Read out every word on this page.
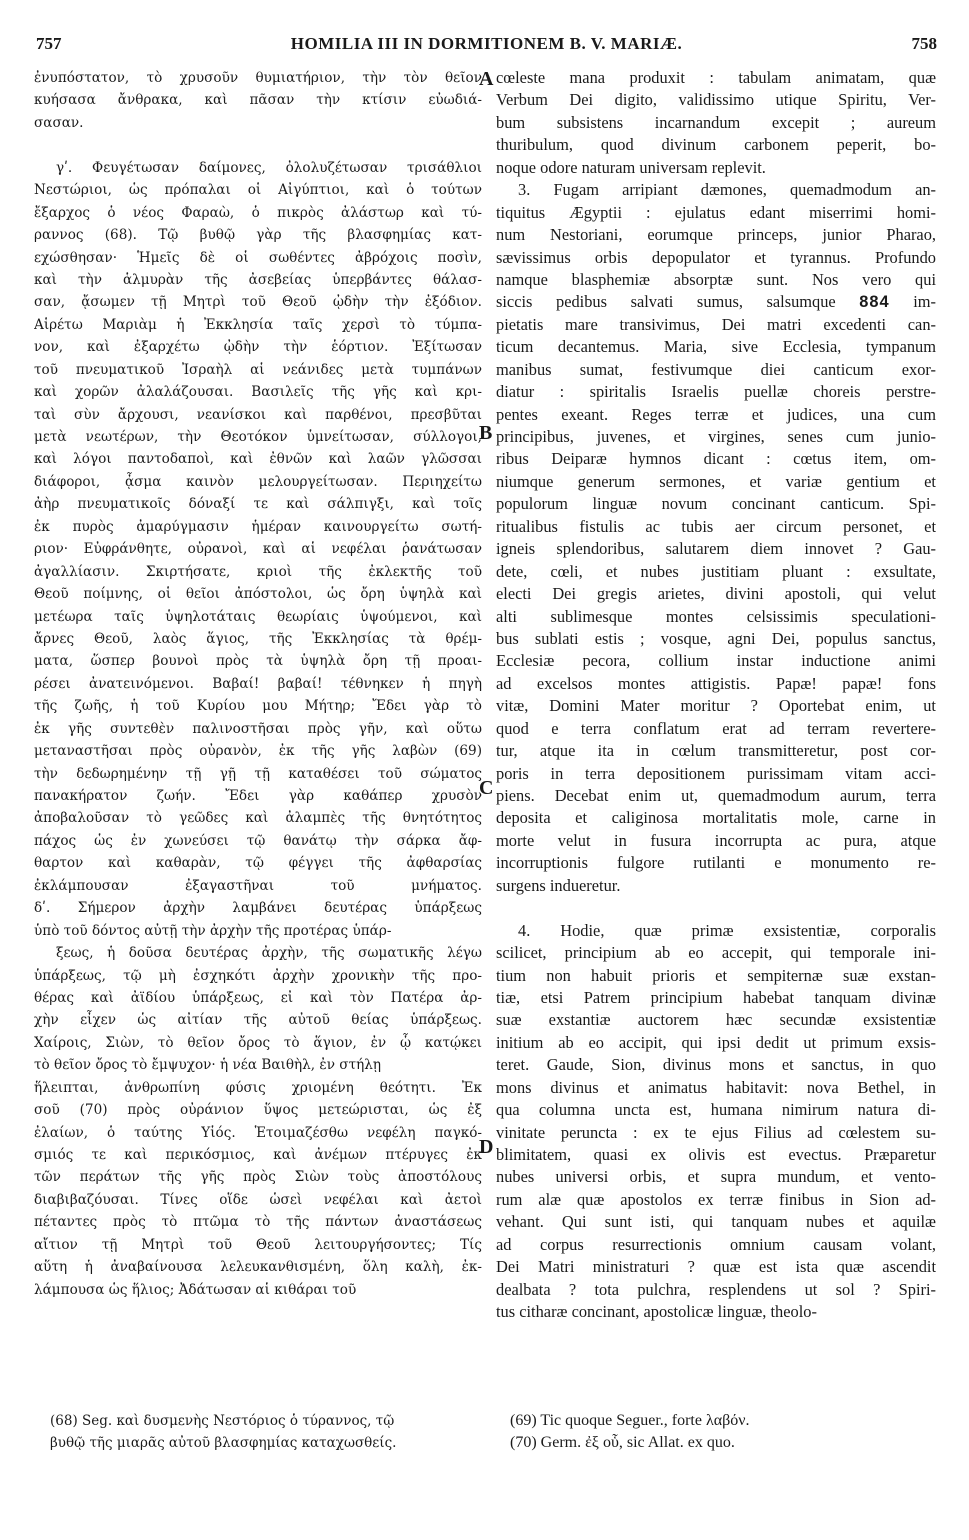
757	HOMILIA III IN DORMITIONEM B. V. MARIÆ.	758
ἐνυπόστατον, τὸ χρυσοῦν θυμιατήριον, τὴν τὸν θεῖον
κυήσασα ἄνθρακα, καὶ πᾶσαν τὴν κτίσιν εὐωδιά-
σασαν.
γʹ. Φευγέτωσαν δαίμονες, ὀλολυζέτωσαν τρισάθλιοι
Νεστώριοι, ὡς πρόπαλαι οἱ Αἰγύπτιοι, καὶ ὁ τούτων
ἔξαρχος ὁ νέος Φαραὼ, ὁ πικρὸς ἀλάστωρ καὶ τύ-
ραννος (68). Τῷ βυθῷ γὰρ τῆς βλασφημίας κατ-
εχώσθησαν· Ἡμεῖς δὲ οἱ σωθέντες ἀβρόχοις ποσὶν,
καὶ τὴν ἁλμυρὰν τῆς ἀσεβείας ὑπερβάντες θάλασ-
σαν, ᾄσωμεν τῇ Μητρὶ τοῦ Θεοῦ ᾠδὴν τὴν ἐξόδιον.
Αἱρέτω Μαριὰμ ἡ Ἐκκλησία ταῖς χερσὶ τὸ τύμπα-
νον, καὶ ἐξαρχέτω ᾠδὴν τὴν ἑόρτιον. Ἐξίτωσαν
τοῦ πνευματικοῦ Ἰσραὴλ αἱ νεάνιδες μετὰ τυμπάνων
καὶ χορῶν ἀλαλάζουσαι. Βασιλεῖς τῆς γῆς καὶ κρι-
ταὶ σὺν ἄρχουσι, νεανίσκοι καὶ παρθένοι, πρεσβῦται
μετὰ νεωτέρων, τὴν Θεοτόκον ὑμνείτωσαν, σύλλογοι,
καὶ λόγοι παντοδαποὶ, καὶ ἐθνῶν καὶ λαῶν γλῶσσαι
διάφοροι, ᾆσμα καινὸν μελουργείτωσαν. Περιηχείτω
ἀὴρ πνευματικοῖς δόναξί τε καὶ σάλπιγξι, καὶ τοῖς
ἐκ πυρὸς ἀμαρύγμασιν ἡμέραν καινουργείτω σωτή-
ριον· Εὐφράνθητε, οὐρανοὶ, καὶ αἱ νεφέλαι ῥανάτωσαν
ἀγαλλίασιν. Σκιρτήσατε, κριοὶ τῆς ἐκλεκτῆς τοῦ
Θεοῦ ποίμνης, οἱ θεῖοι ἀπόστολοι, ὡς ὄρη ὑψηλὰ καὶ
μετέωρα ταῖς ὑψηλοτάταις θεωρίαις ὑψούμενοι, καὶ
ἄρνες Θεοῦ, λαὸς ἅγιος, τῆς Ἐκκλησίας τὰ θρέμ-
ματα, ὥσπερ βουνοὶ πρὸς τὰ ὑψηλὰ ὄρη τῇ προαι-
ρέσει ἀνατεινόμενοι. Βαβαί! βαβαί! τέθνηκεν ἡ πηγὴ
τῆς ζωῆς, ἡ τοῦ Κυρίου μου Μήτηρ; Ἔδει γὰρ τὸ
ἐκ γῆς συντεθὲν παλινοστῆσαι πρὸς γῆν, καὶ οὕτω
μεταναστῆσαι πρὸς οὐρανὸν, ἐκ τῆς γῆς λαβὼν (69)
τὴν δεδωρημένην τῇ γῇ τῇ καταθέσει τοῦ σώματος
πανακήρατον ζωήν. Ἔδει γὰρ καθάπερ χρυσὸν
ἀποβαλοῦσαν τὸ γεῶδες καὶ ἀλαμπὲς τῆς θνητότητος
πάχος ὡς ἐν χωνεύσει τῷ θανάτῳ τὴν σάρκα ἄφ-
θαρτον καὶ καθαρὰν, τῷ φέγγει τῆς ἀφθαρσίας
ἐκλάμπουσαν ἐξαγαστῆναι τοῦ μνήματος.
δʹ. Σήμερον ἀρχὴν λαμβάνει δευτέρας ὑπάρξεως
ὑπὸ τοῦ δόντος αὐτῇ τὴν ἀρχὴν τῆς προτέρας ὑπάρ-
ξεως, ἡ δοῦσα δευτέρας ἀρχὴν, τῆς σωματικῆς λέγω
ὑπάρξεως, τῷ μὴ ἐσχηκότι ἀρχὴν χρονικὴν τῆς προ-
θέρας καὶ ἀϊδίου ὑπάρξεως, εἰ καὶ τὸν Πατέρα ἀρ-
χὴν εἶχεν ὡς αἰτίαν τῆς αὐτοῦ θείας ὑπάρξεως.
Χαίροις, Σιὼν, τὸ θεῖον ὄρος τὸ ἅγιον, ἐν ᾧ κατῴκει
τὸ θεῖον ὄρος τὸ ἔμψυχον· ἡ νέα Βαιθὴλ, ἐν στήλῃ
ἥλειπται, ἀνθρωπίνη φύσις χριομένη θεότητι. Ἐκ
σοῦ (70) πρὸς οὐράνιον ὕψος μετεώρισται, ὡς ἐξ
ἐλαίων, ὁ ταύτης Υἱός. Ἑτοιμαζέσθω νεφέλη παγκό-
σμιός τε καὶ περικόσμιος, καὶ ἀνέμων πτέρυγες ἐκ
τῶν περάτων τῆς γῆς πρὸς Σιὼν τοὺς ἀποστόλους
διαβιβαζόυσαι. Τίνες οἵδε ὡσεὶ νεφέλαι καὶ ἀετοὶ
πέταντες πρὸς τὸ πτῶμα τὸ τῆς πάντων ἀναστάσεως
αἴτιον τῇ Μητρὶ τοῦ Θεοῦ λειτουργήσοντες; Τίς
αὕτη ἡ ἀναβαίνουσα λελευκανθισμένη, ὅλη καλὴ, ἐκ-
λάμπουσα ὡς ἥλιος; Ἀδάτωσαν αἱ κιθάραι τοῦ
cœleste mana produxit : tabulam animatam, quæ
Verbum Dei digito, validissimo utique Spiritu, Ver-
bum subsistens incarnandum excepit ; aureum
thuribulum, quod divinum carbonem peperit, bo-
noque odore naturam universam replevit.
3. Fugam arripiant dæmones, quemadmodum an-
tiquitus Ægyptii : ejulatus edant miserrimi homi-
num Nestoriani, eorumque princeps, junior Pharao,
sævissimus orbis depopulator et tyrannus. Profundo
namque blasphemiæ absorptæ sunt. Nos vero qui
siccis pedibus salvati sumus, salsumque 884 im-
pietatis mare transivimus, Dei matri excedenti can-
ticum decantemus. Maria, sive Ecclesia, tympanum
manibus sumat, festivumque diei canticum exor-
diatur : spiritalis Israelis puellæ choreis perstre-
pentes exeant. Reges terræ et judices, una cum
principibus, juvenes, et virgines, senes cum junio-
ribus Deiparæ hymnos dicant : cœtus item, om-
niumque generum sermones, et variæ gentium et
populorum linguæ novum concinant canticum. Spi-
ritualibus fistulis ac tubis aer circum personet, et
igneis splendoribus, salutarem diem innovet ? Gau-
dete, cœli, et nubes justitiam pluant : exsultate,
electi Dei gregis arietes, divini apostoli, qui velut
alti sublimesque montes celsissimis speculationi-
bus sublati estis ; vosque, agni Dei, populus sanctus,
Ecclesiæ pecora, collium instar inductione animi
ad excelsos montes attigistis. Papæ! papæ! fons
vitæ, Domini Mater moritur ? Oportebat enim, ut
quod e terra conflatum erat ad terram revertere-
tur, atque ita in cœlum transmitteretur, post cor-
poris in terra depositionem purissimam vitam acci-
piens. Decebat enim ut, quemadmodum aurum, terra
deposita et caliginosa mortalitatis mole, carne in
morte velut in fusura incorrupta ac pura, atque
incorruptionis fulgore rutilanti e monumento re-
surgens indueretur.
4. Hodie, quæ primæ exsistentiæ, corporalis
scilicet, principium ab eo accepit, qui temporale ini-
tium non habuit prioris et sempiternæ suæ exstan-
tiæ, etsi Patrem principium habebat tanquam divinæ
suæ exstantiæ auctorem hæc secundæ exsistentiæ
initium ab eo accipit, qui ipsi dedit ut primum exsis-
teret. Gaude, Sion, divinus mons et sanctus, in quo
mons divinus et animatus habitavit: nova Bethel, in
qua columna uncta est, humana nimirum natura di-
vinitate peruncta : ex te ejus Filius ad cœlestem su-
blimitatem, quasi ex olivis est evectus. Præparetur
nubes universi orbis, et supra mundum, et vento-
rum alæ quæ apostolos ex terræ finibus in Sion ad-
vehant. Qui sunt isti, qui tanquam nubes et aquilæ
ad corpus resurrectionis omnium causam volant,
Dei Matri ministraturi ? quæ est ista quæ ascendit
dealbata ? tota pulchra, resplendens ut sol ? Spiri-
tus citharæ concinant, apostolicæ linguæ, theolo-
A
B
C
D
(68) Seg. καὶ δυσμενὴς Νεστόριος ὁ τύραννος, τῷ
βυθῷ τῆς μιαρᾶς αὐτοῦ βλασφημίας καταχωσθείς.
(69) Tic quoque Seguer., forte λαβόν.
(70) Germ. ἐξ οὗ, sic Allat. ex quo.
